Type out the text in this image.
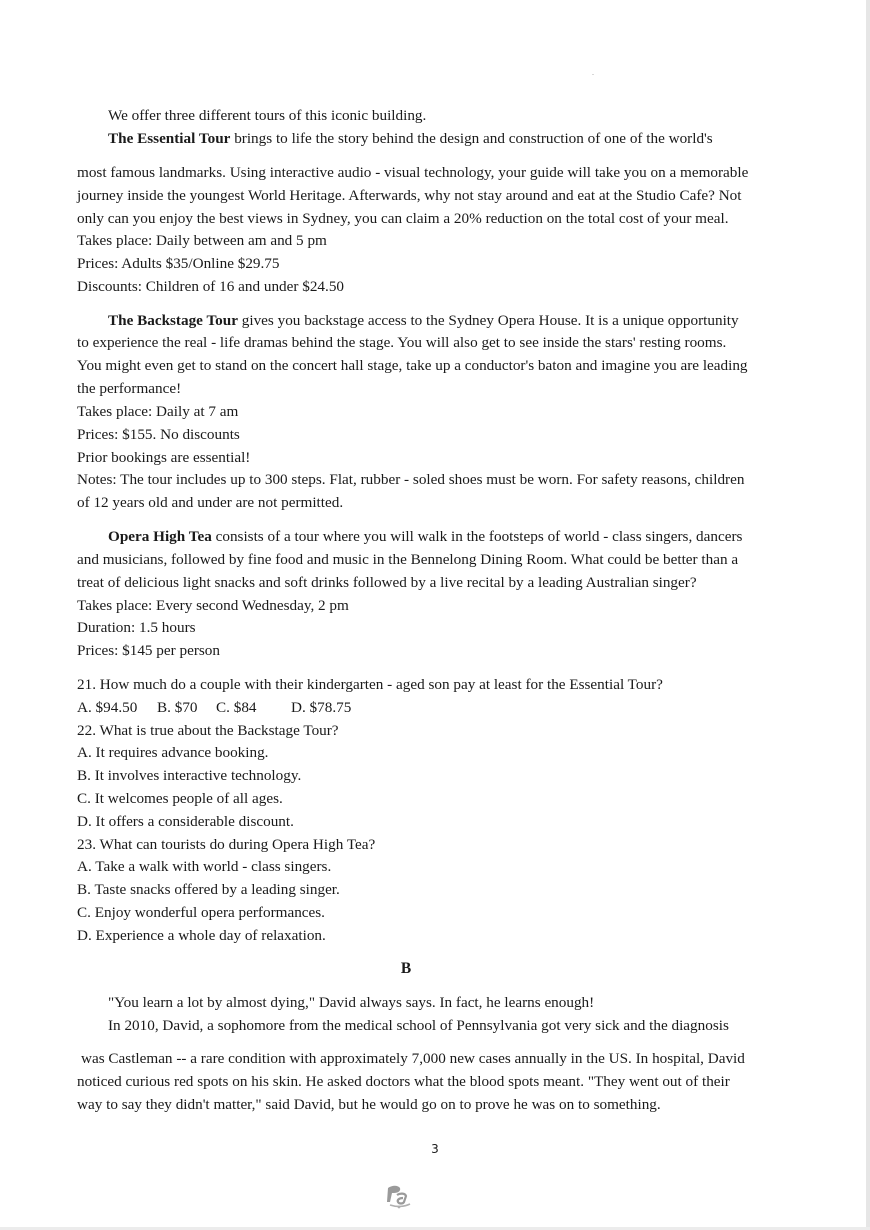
We offer three different tours of this iconic building.
The Essential Tour brings to life the story behind the design and construction of one of the world's
most famous landmarks. Using interactive audio - visual technology, your guide will take you on a memorable
journey inside the youngest World Heritage. Afterwards, why not stay around and eat at the Studio Cafe? Not
only can you enjoy the best views in Sydney, you can claim a 20% reduction on the total cost of your meal.
Takes place: Daily between am and 5 pm
Prices: Adults $35/Online $29.75
Discounts: Children of 16 and under $24.50
The Backstage Tour gives you backstage access to the Sydney Opera House. It is a unique opportunity
to experience the real - life dramas behind the stage. You will also get to see inside the stars' resting rooms.
You might even get to stand on the concert hall stage, take up a conductor's baton and imagine you are leading
the performance!
Takes place: Daily at 7 am
Prices: $155. No discounts
Prior bookings are essential!
Notes: The tour includes up to 300 steps. Flat, rubber - soled shoes must be worn. For safety reasons, children
of 12 years old and under are not permitted.
Opera High Tea consists of a tour where you will walk in the footsteps of world - class singers, dancers
and musicians, followed by fine food and music in the Bennelong Dining Room. What could be better than a
treat of delicious light snacks and soft drinks followed by a live recital by a leading Australian singer?
Takes place: Every second Wednesday, 2 pm
Duration: 1.5 hours
Prices: $145 per person
21. How much do a couple with their kindergarten - aged son pay at least for the Essential Tour?
A. $94.50 B. $70 C. $84 D. $78.75
22. What is true about the Backstage Tour?
A. It requires advance booking.
B. It involves interactive technology.
C. It welcomes people of all ages.
D. It offers a considerable discount.
23. What can tourists do during Opera High Tea?
A. Take a walk with world - class singers.
B. Taste snacks offered by a leading singer.
C. Enjoy wonderful opera performances.
D. Experience a whole day of relaxation.
B
"You learn a lot by almost dying," David always says. In fact, he learns enough!
In 2010, David, a sophomore from the medical school of Pennsylvania got very sick and the diagnosis
was Castleman -- a rare condition with approximately 7,000 new cases annually in the US. In hospital, David
noticed curious red spots on his skin. He asked doctors what the blood spots meant. "They went out of their
way to say they didn't matter," said David, but he would go on to prove he was on to something.
3
